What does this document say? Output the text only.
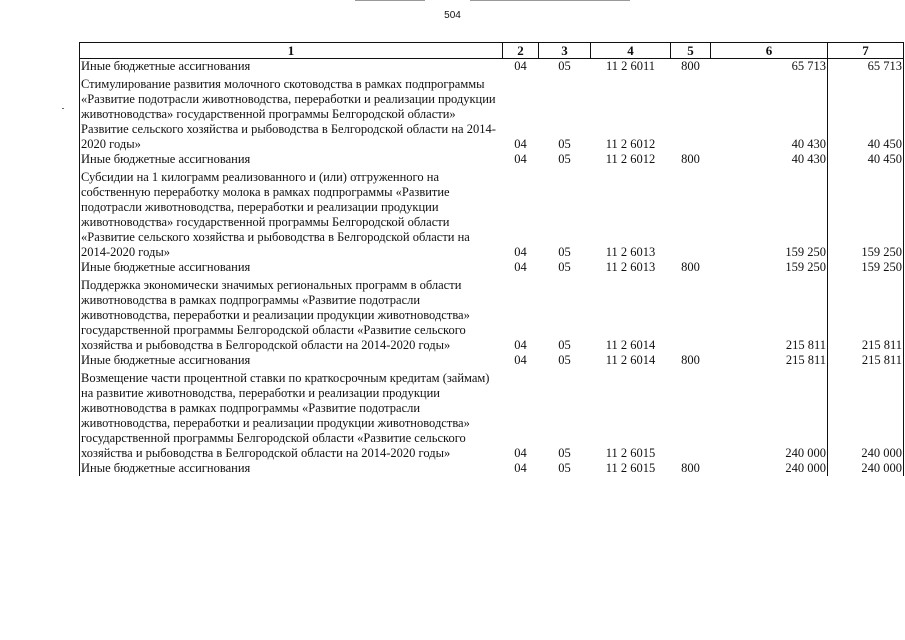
504
1	2	3	4	5	6	7
Иные бюджетные ассигнования	04	05	11 2 6011	800	65 713	65 713
Стимулирование развития молочного скотоводства в рамках подпрограммы «Развитие подотрасли животноводства, переработки и реализации продукции животноводства» государственной программы Белгородской области» Развитие сельского хозяйства и рыбоводства в Белгородской области на 2014-2020 годы»	04	05	11 2 6012		40 430	40 450
Иные бюджетные ассигнования	04	05	11 2 6012	800	40 430	40 450
Субсидии на 1 килограмм реализованного и (или) отгруженного на собственную переработку молока в рамках подпрограммы «Развитие подотрасли животноводства, переработки и реализации продукции животноводства» государственной программы Белгородской области «Развитие сельского хозяйства и рыбоводства в Белгородской области на 2014-2020 годы»	04	05	11 2 6013		159 250	159 250
Иные бюджетные ассигнования	04	05	11 2 6013	800	159 250	159 250
Поддержка экономически значимых региональных программ в области животноводства в рамках подпрограммы «Развитие подотрасли животноводства, переработки и реализации продукции животноводства» государственной программы Белгородской области «Развитие сельского хозяйства и рыбоводства в Белгородской области на 2014-2020 годы»	04	05	11 2 6014		215 811	215 811
Иные бюджетные ассигнования	04	05	11 2 6014	800	215 811	215 811
Возмещение части процентной ставки по краткосрочным кредитам (займам) на развитие животноводства, переработки и реализации продукции животноводства в рамках подпрограммы «Развитие подотрасли животноводства, переработки и реализации продукции животноводства» государственной программы Белгородской области «Развитие сельского хозяйства и рыбоводства в Белгородской области на 2014-2020 годы»	04	05	11 2 6015		240 000	240 000
Иные бюджетные ассигнования	04	05	11 2 6015	800	240 000	240 000
